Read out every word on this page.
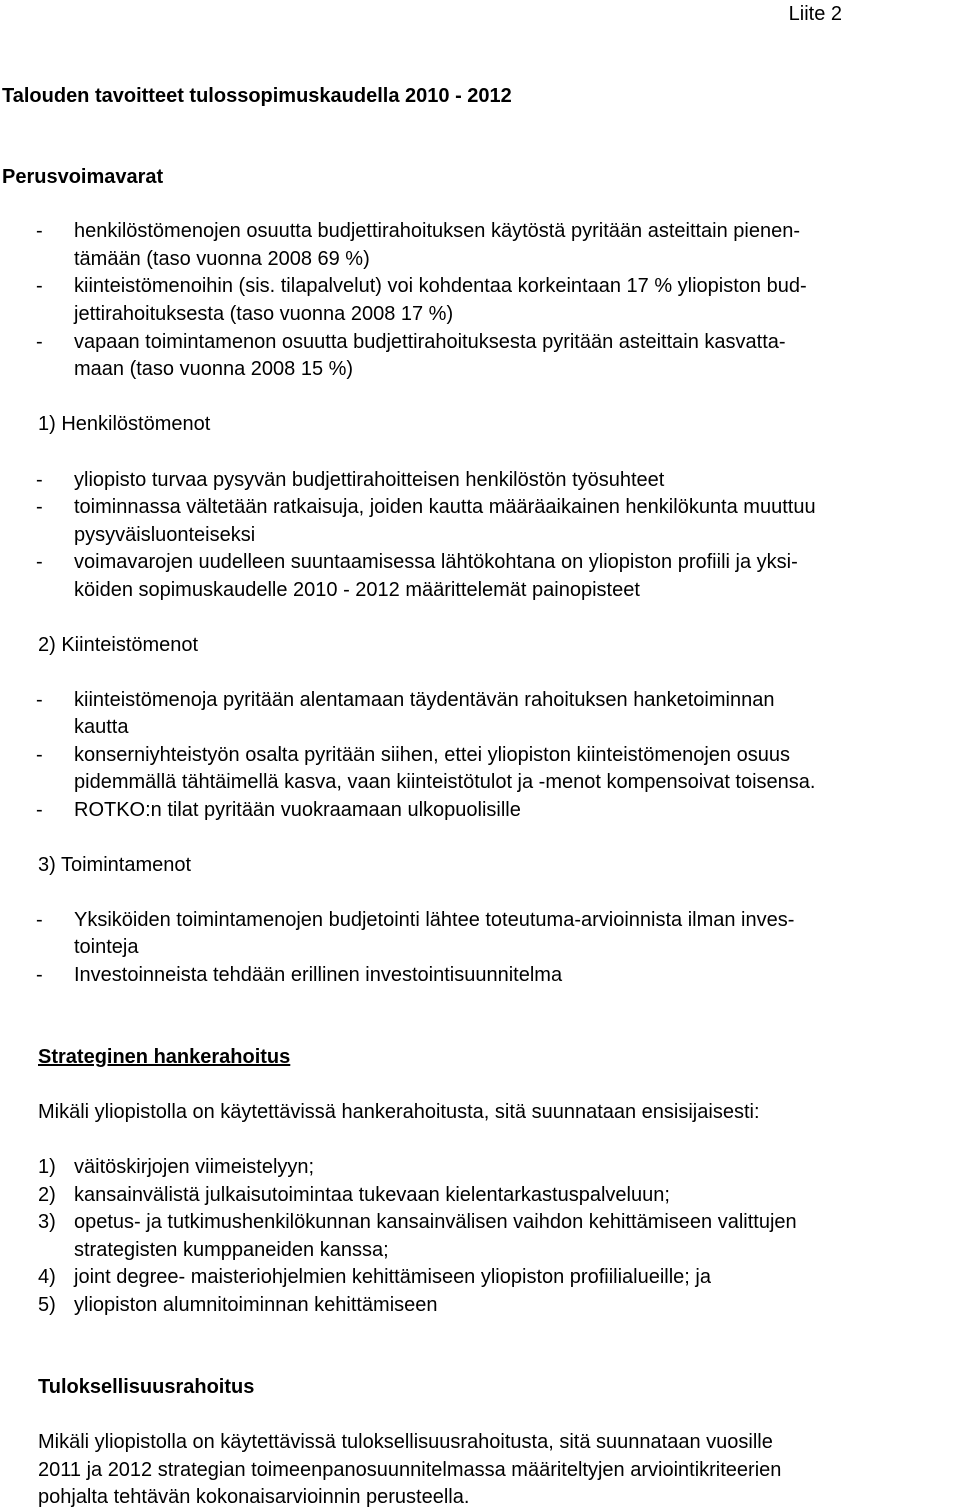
Liite 2
Talouden tavoitteet tulossopimuskaudella 2010 - 2012
Perusvoimavarat
- henkilöstömenojen osuutta budjettirahoituksen käytöstä pyritään asteittain pienen-
tämään (taso vuonna 2008 69 %)
- kiinteistömenoihin (sis. tilapalvelut) voi kohdentaa korkeintaan 17 % yliopiston bud-
jettirahoituksesta (taso vuonna 2008 17 %)
- vapaan toimintamenon osuutta budjettirahoituksesta pyritään asteittain kasvatta-
maan (taso vuonna 2008 15 %)
1) Henkilöstömenot
- yliopisto turvaa pysyvän budjettirahoitteisen henkilöstön työsuhteet
- toiminnassa vältetään ratkaisuja, joiden kautta määräaikainen henkilökunta muuttuu
pysyväisluonteiseksi
- voimavarojen uudelleen suuntaamisessa lähtökohtana on yliopiston profiili ja yksi-
köiden sopimuskaudelle 2010 - 2012 määrittelemät painopisteet
2) Kiinteistömenot
- kiinteistömenoja pyritään alentamaan täydentävän rahoituksen hanketoiminnan
kautta
- konserniyhteistyön osalta pyritään siihen, ettei yliopiston kiinteistömenojen osuus
pidemmällä tähtäimellä kasva, vaan kiinteistötulot ja -menot kompensoivat toisensa.
- ROTKO:n tilat pyritään vuokraamaan ulkopuolisille
3) Toimintamenot
- Yksiköiden toimintamenojen budjetointi lähtee toteutuma-arvioinnista ilman inves-
tointeja
- Investoinneista tehdään erillinen investointisuunnitelma
Strateginen hankerahoitus
Mikäli yliopistolla on käytettävissä hankerahoitusta, sitä suunnataan ensisijaisesti:
1) väitöskirjojen viimeistelyyn;
2) kansainvälistä julkaisutoimintaa tukevaan kielentarkastuspalveluun;
3) opetus- ja tutkimushenkilökunnan kansainvälisen vaihdon kehittämiseen valittujen
strategisten kumppaneiden kanssa;
4) joint degree- maisteriohjelmien kehittämiseen yliopiston profiilialueille; ja
5) yliopiston alumnitoiminnan kehittämiseen
Tuloksellisuusrahoitus
Mikäli yliopistolla on käytettävissä tuloksellisuusrahoitusta, sitä suunnataan vuosille
2011 ja 2012 strategian toimeenpanosuunnitelmassa määriteltyjen arviointikriteerien
pohjalta tehtävän kokonaisarvioinnin perusteella.
